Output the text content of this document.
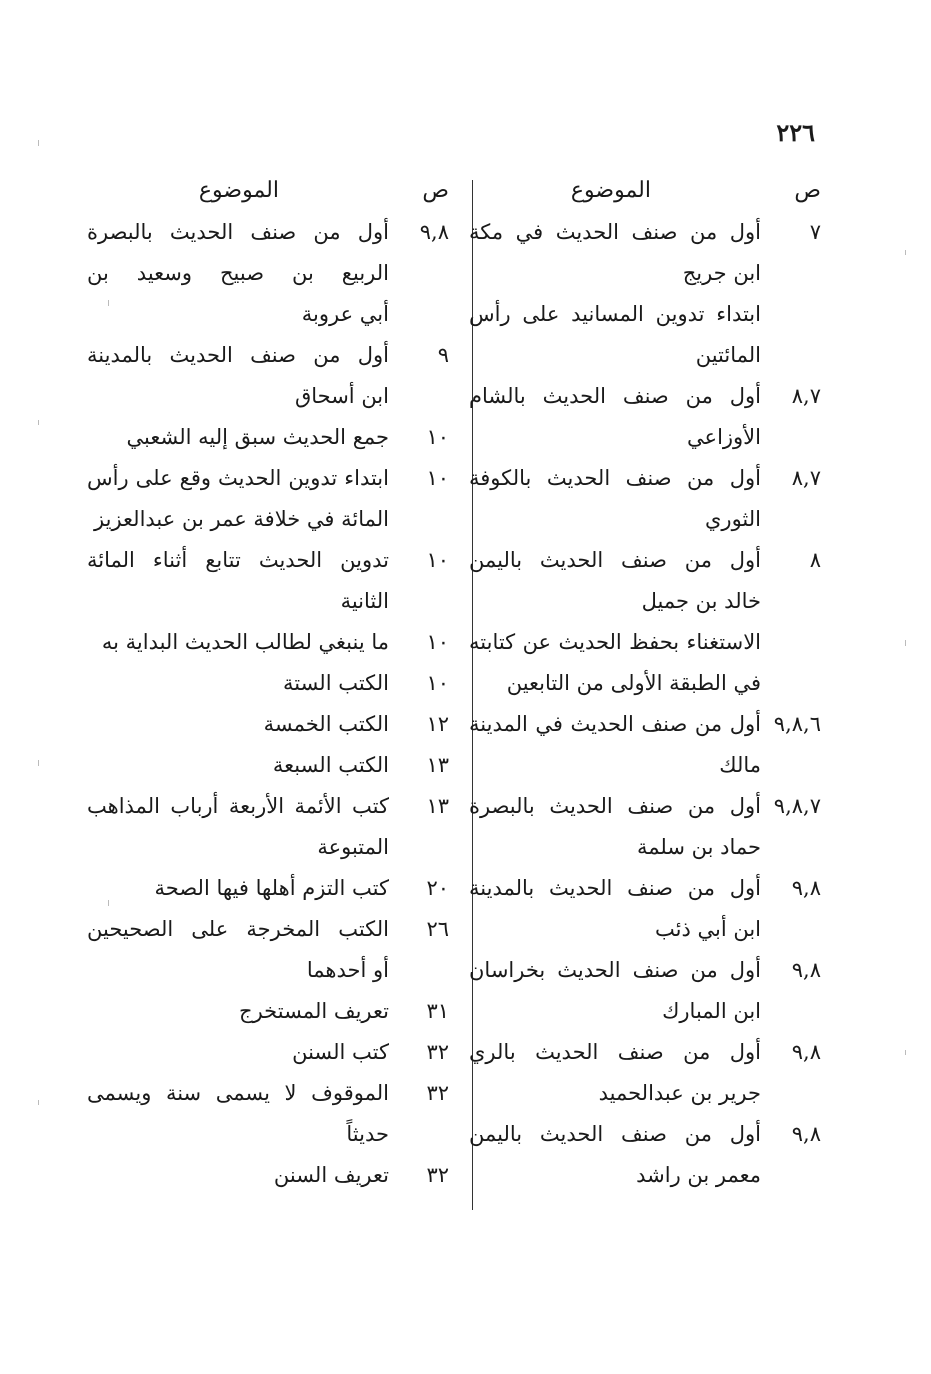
٢٢٦
ص
الموضوع
٧
أول من صنف الحديث في مكة
ابن جريج
ابتداء تدوين المسانيد على رأس
المائتين
٨,٧
أول من صنف الحديث بالشام
الأوزاعي
٨,٧
أول من صنف الحديث بالكوفة
الثوري
٨
أول من صنف الحديث باليمن
خالد بن جميل
الاستغناء بحفظ الحديث عن كتابته
في الطبقة الأولى من التابعين
٩,٨,٦
أول من صنف الحديث في المدينة
مالك
٩,٨,٧
أول من صنف الحديث بالبصرة
حماد بن سلمة
٩,٨
أول من صنف الحديث بالمدينة
ابن أبي ذئب
٩,٨
أول من صنف الحديث بخراسان
ابن المبارك
٩,٨
أول من صنف الحديث بالري
جرير بن عبدالحميد
٩,٨
أول من صنف الحديث باليمن
معمر بن راشد
ص
الموضوع
٩,٨
أول من صنف الحديث بالبصرة
الربيع بن صبيح وسعيد بن
أبي عروبة
٩
أول من صنف الحديث بالمدينة
ابن أسحاق
١٠
جمع الحديث سبق إليه الشعبي
١٠
ابتداء تدوين الحديث وقع على رأس
المائة في خلافة عمر بن عبدالعزيز
١٠
تدوين الحديث تتابع أثناء المائة
الثانية
١٠
ما ينبغي لطالب الحديث البداية به
١٠
الكتب الستة
١٢
الكتب الخمسة
١٣
الكتب السبعة
١٣
كتب الأئمة الأربعة أرباب المذاهب
المتبوعة
٢٠
كتب التزم أهلها فيها الصحة
٢٦
الكتب المخرجة على الصحيحين
أو أحدهما
٣١
تعريف المستخرج
٣٢
كتب السنن
٣٢
الموقوف لا يسمى سنة ويسمى
حديثاً
٣٢
تعريف السنن
